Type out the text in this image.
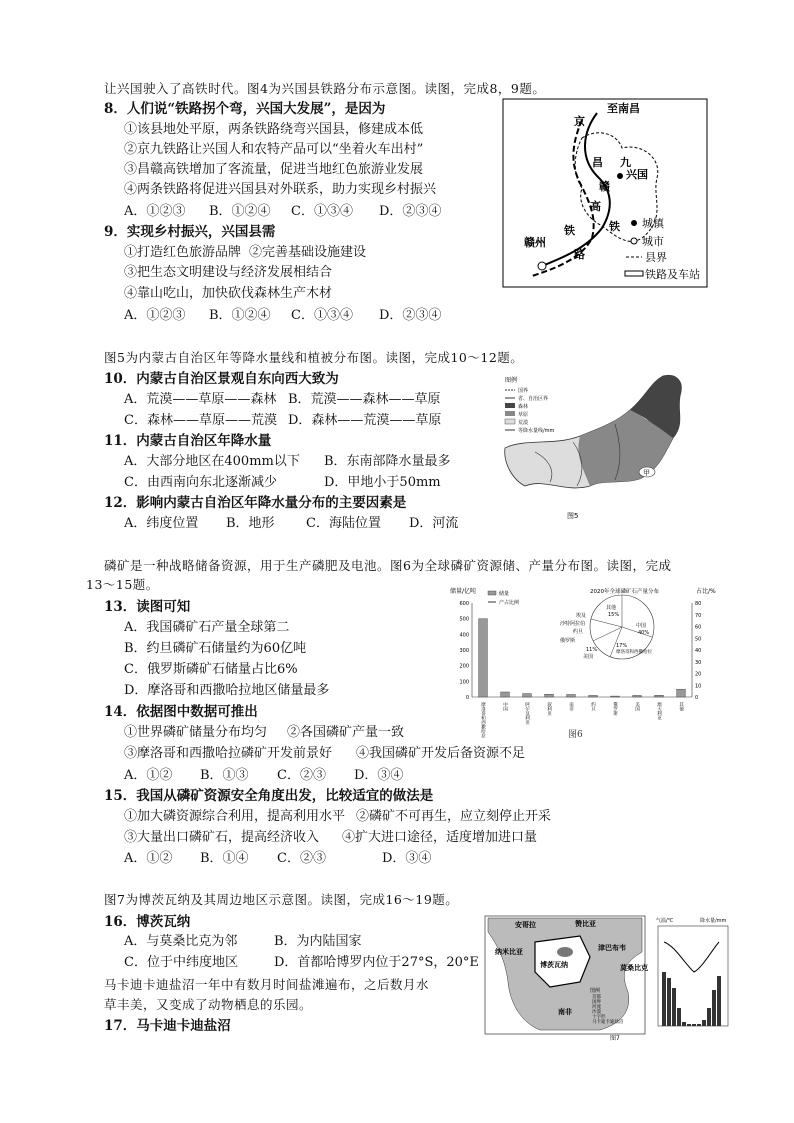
让兴国驶入了高铁时代。图4为兴国县铁路分布示意图。读图，完成8，9题。
8．人们说“铁路拐个弯，兴国大发展”，是因为
①该县地处平原，两条铁路绕弯兴国县，修建成本低
②京九铁路让兴国人和农特产品可以“坐着火车出村”
③昌赣高铁增加了客流量，促进当地红色旅游业发展
④两条铁路将促进兴国县对外联系，助力实现乡村振兴
A．①②③ B．①②④ C．①③④ D．②③④
9．实现乡村振兴，兴国县需
①打造红色旅游品牌 ②完善基础设施建设
③把生态文明建设与经济发展相结合
④靠山吃山，加快砍伐森林生产木材
A．①②③ B．①②④ C．①③④ D．②③④
至南昌
京
九
昌
赣
兴国
高
铁
赣州
铁
路
城镇
城市
县界
铁路及车站
图5为内蒙古自治区年等降水量线和植被分布图。读图，完成10～12题。
10．内蒙古自治区景观自东向西大致为
A．荒漠——草原——森林 B．荒漠——森林——草原
C．森林——草原——荒漠 D．森林——荒漠——草原
11．内蒙古自治区年降水量
A．大部分地区在400mm以下 B．东南部降水量最多
C．由西南向东北逐渐减少	D．甲地小于50mm
12．影响内蒙古自治区年降水量分布的主要因素是
A．纬度位置 B．地形 C．海陆位置 D．河流
甲
图例
国界
省、自治区界
森林
草原
荒漠
等降水量线/mm
图5
磷矿是一种战略储备资源，用于生产磷肥及电池。图6为全球磷矿资源储、产量分布图。读图，完成
13～15题。
13．读图可知
A．我国磷矿石产量全球第二
B．约旦磷矿石储量约为60亿吨
C．俄罗斯磷矿石储量占比6%
D．摩洛哥和西撒哈拉地区储量最多
储量/亿吨	占比/%
储量
产占比例
600
500
400
300
200
100
0
80
70
60
50
40
30
20
10
0
摩洛哥和西撒哈拉	中国	阿尔及利亚	叙利亚	南非	约旦	俄罗斯	美国	澳大利亚	其他
2020年全球磷矿石产量分布
其他
15%
中国
40%
摩洛哥和西撒哈拉
17%
美国
11%
俄罗斯
约旦
沙特阿拉伯
埃及
图6
14．依据图中数据可推出
①世界磷矿储量分布均匀 ②各国磷矿产量一致
③摩洛哥和西撒哈拉磷矿开发前景好 ④我国磷矿开发后备资源不足
A．①② B．①③ C．②③ D．③④
15．我国从磷矿资源安全角度出发，比较适宜的做法是
①加大磷资源综合利用，提高利用水平 ②磷矿不可再生，应立刻停止开采
③大量出口磷矿石，提高经济收入 ④扩大进口途径，适度增加进口量
A．①② B．①④ C．②③	D．③④
图7为博茨瓦纳及其周边地区示意图。读图，完成16～19题。
16．博茨瓦纳
A．与莫桑比克为邻	B．为内陆国家
C．位于中纬度地区	D．首都哈博罗内位于27°S，20°E
马卡迪卡迪盐沼一年中有数月时间盐滩遍布，之后数月水
草丰美，又变成了动物栖息的乐园。
17．马卡迪卡迪盐沼
安哥拉	赞比亚
纳米比亚
博茨瓦纳
津巴布韦
莫桑比克
南非
图例
首都
国界
河流
沙漠
十字形
马卡迪卡迪盐沼
气温/℃	降水量/mm
图7
